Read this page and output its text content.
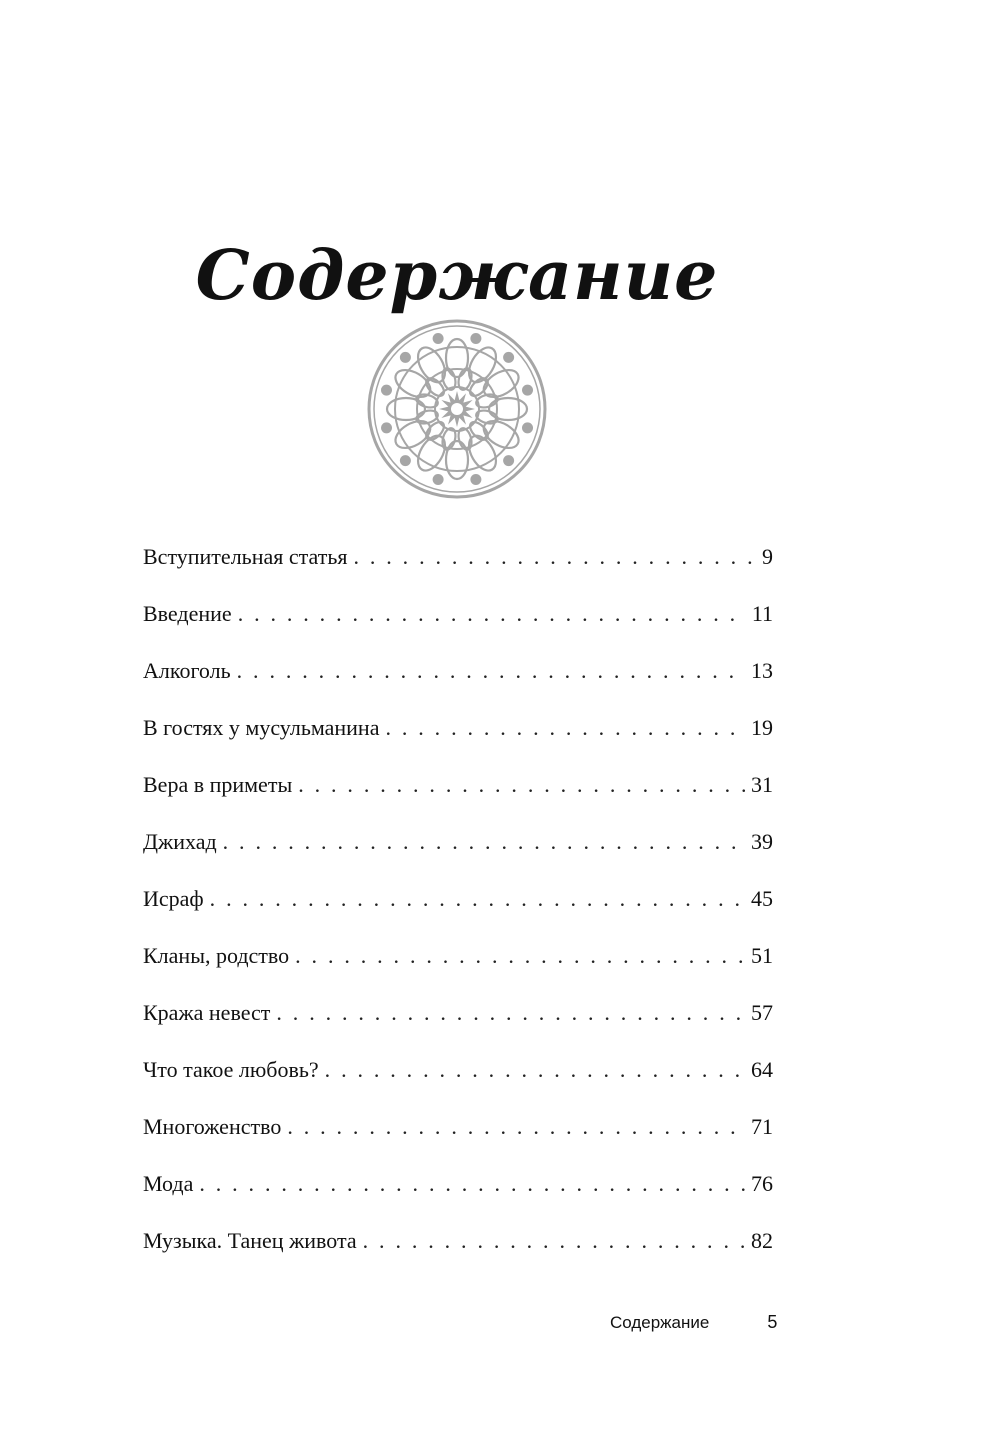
Содержание
Вступительная статья . . .	9
Введение . . .	11
Алкоголь . . .	13
В гостях у мусульманина . . .	19
Вера в приметы . . .	31
Джихад . . .	39
Исраф . . .	45
Кланы, родство . . .	51
Кража невест . . .	57
Что такое любовь? . . .	64
Многоженство . . .	71
Мода . . .	76
Музыка. Танец живота . . .	82
Содержание	5
